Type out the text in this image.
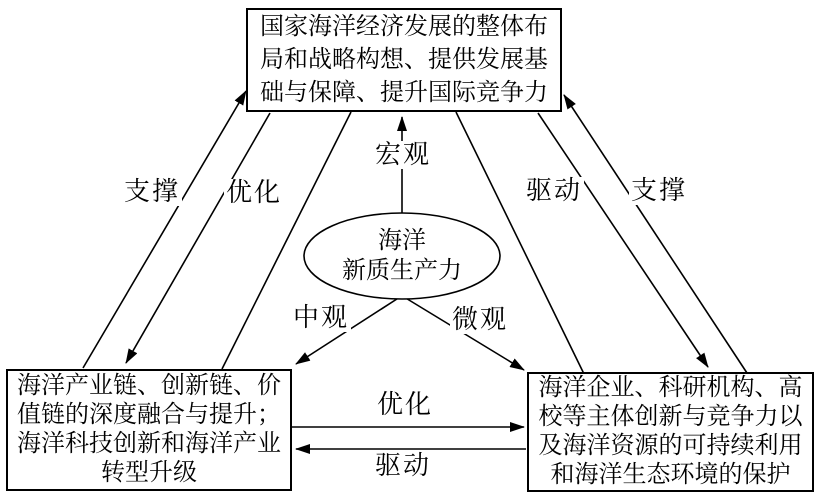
国家海洋经济发展的整体布
局和战略构想、提供发展基
础与保障、提升国际竞争力
海洋产业链、创新链、价
值链的深度融合与提升；
海洋科技创新和海洋产业
转型升级
海洋企业、科研机构、高
校等主体创新与竞争力以
及海洋资源的可持续利用
和海洋生态环境的保护
海洋
新质生产力
支撑 优化
宏观
驱动 支撑
中观	微观
优化
驱动
